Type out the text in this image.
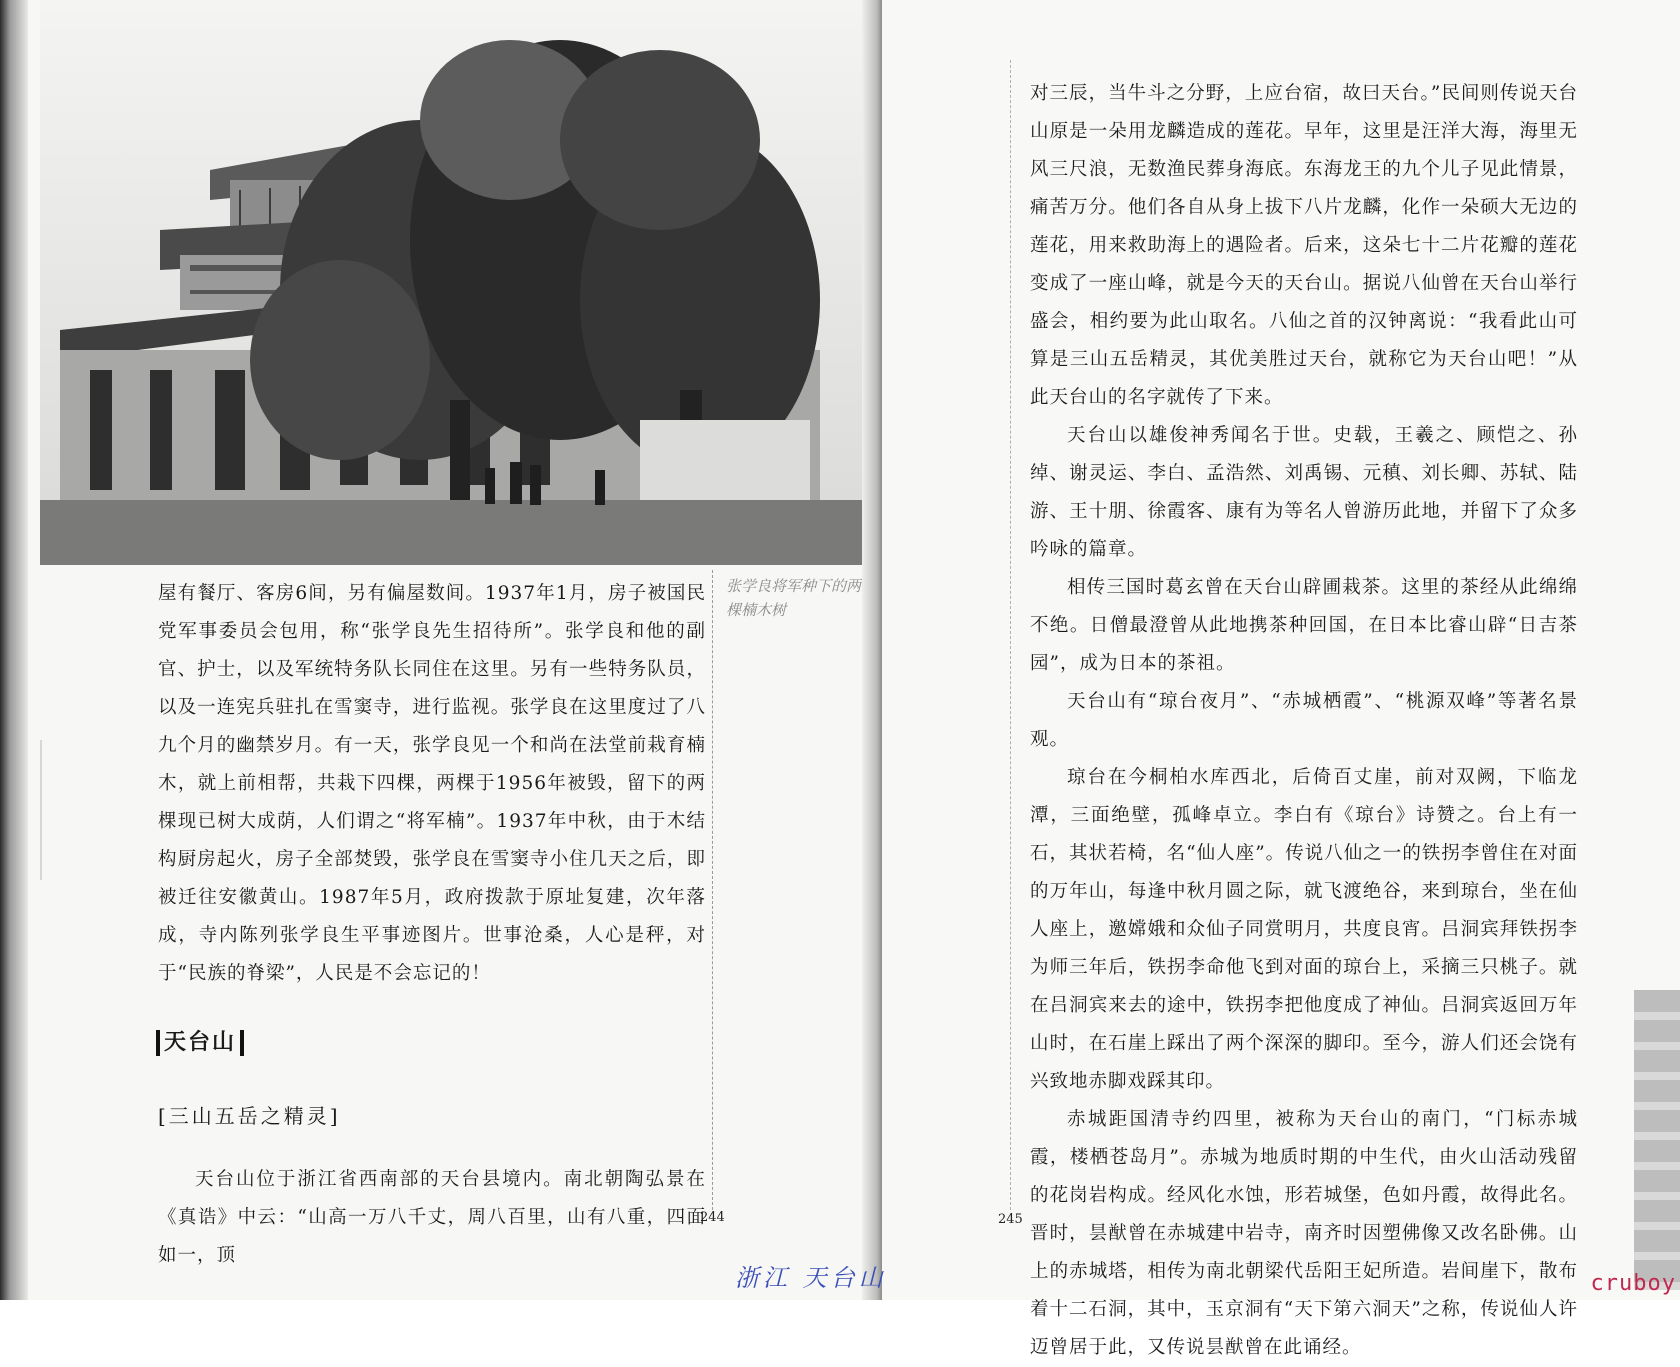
张学良将军种下的两棵楠木树

屋有餐厅、客房6间，另有偏屋数间。1937年1月，房子被国民党军事委员会包用，称“张学良先生招待所”。张学良和他的副官、护士，以及军统特务队长同住在这里。另有一些特务队员，以及一连宪兵驻扎在雪窦寺，进行监视。张学良在这里度过了八九个月的幽禁岁月。有一天，张学良见一个和尚在法堂前栽育楠木，就上前相帮，共栽下四棵，两棵于1956年被毁，留下的两棵现已树大成荫，人们谓之“将军楠”。1937年中秋，由于木结构厨房起火，房子全部焚毁，张学良在雪窦寺小住几天之后，即被迁往安徽黄山。1987年5月，政府拨款于原址复建，次年落成，寺内陈列张学良生平事迹图片。世事沧桑，人心是秤，对于“民族的脊梁”，人民是不会忘记的！

天台山
[三山五岳之精灵]

天台山位于浙江省西南部的天台县境内。南北朝陶弘景在《真诰》中云：“山高一万八千丈，周八百里，山有八重，四面如一，顶

244

对三辰，当牛斗之分野，上应台宿，故曰天台。”民间则传说天台山原是一朵用龙麟造成的莲花。早年，这里是汪洋大海，海里无风三尺浪，无数渔民葬身海底。东海龙王的九个儿子见此情景，痛苦万分。他们各自从身上拔下八片龙麟，化作一朵硕大无边的莲花，用来救助海上的遇险者。后来，这朵七十二片花瓣的莲花变成了一座山峰，就是今天的天台山。据说八仙曾在天台山举行盛会，相约要为此山取名。八仙之首的汉钟离说：“我看此山可算是三山五岳精灵，其优美胜过天台，就称它为天台山吧！”从此天台山的名字就传了下来。

天台山以雄俊神秀闻名于世。史载，王羲之、顾恺之、孙绰、谢灵运、李白、孟浩然、刘禹锡、元稹、刘长卿、苏轼、陆游、王十朋、徐霞客、康有为等名人曾游历此地，并留下了众多吟咏的篇章。

相传三国时葛玄曾在天台山辟圃栽茶。这里的茶经从此绵绵不绝。日僧最澄曾从此地携茶种回国，在日本比睿山辟“日吉茶园”，成为日本的茶祖。

天台山有“琼台夜月”、“赤城栖霞”、“桃源双峰”等著名景观。

琼台在今桐柏水库西北，后倚百丈崖，前对双阙，下临龙潭，三面绝壁，孤峰卓立。李白有《琼台》诗赞之。台上有一石，其状若椅，名“仙人座”。传说八仙之一的铁拐李曾住在对面的万年山，每逢中秋月圆之际，就飞渡绝谷，来到琼台，坐在仙人座上，邀嫦娥和众仙子同赏明月，共度良宵。吕洞宾拜铁拐李为师三年后，铁拐李命他飞到对面的琼台上，采摘三只桃子。就在吕洞宾来去的途中，铁拐李把他度成了神仙。吕洞宾返回万年山时，在石崖上踩出了两个深深的脚印。至今，游人们还会饶有兴致地赤脚戏踩其印。

赤城距国清寺约四里，被称为天台山的南门，“门标赤城霞，楼栖苍岛月”。赤城为地质时期的中生代，由火山活动残留的花岗岩构成。经风化水蚀，形若城堡，色如丹霞，故得此名。晋时，昙猷曾在赤城建中岩寺，南齐时因塑佛像又改名卧佛。山上的赤城塔，相传为南北朝梁代岳阳王妃所造。岩间崖下，散布着十二石洞，其中，玉京洞有“天下第六洞天”之称，传说仙人许迈曾居于此，又传说昙猷曾在此诵经。

245
浙江 天台山	cruboy
